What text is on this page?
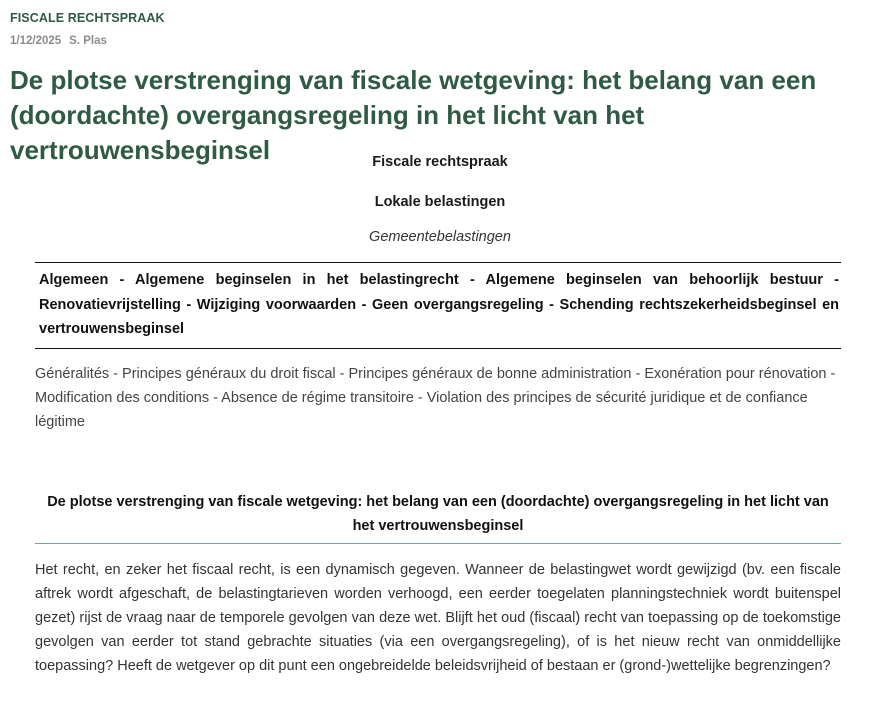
FISCALE RECHTSPRAAK
1/12/2025 S. Plas
De plotse verstrenging van fiscale wetgeving: het belang van een (doordachte) overgangsregeling in het licht van het vertrouwensbeginsel	Fiscale rechtspraak
Lokale belastingen
Gemeentebelastingen
Algemeen - Algemene beginselen in het belastingrecht - Algemene beginselen van behoorlijk bestuur - Renovatievrijstelling - Wijziging voorwaarden - Geen overgangsregeling - Schending rechtszekerheidsbeginsel en vertrouwensbeginsel
Généralités - Principes généraux du droit fiscal - Principes généraux de bonne administration - Exonération pour rénovation - Modification des conditions - Absence de régime transitoire - Violation des principes de sécurité juridique et de confiance légitime
De plotse verstrenging van fiscale wetgeving: het belang van een (doordachte) overgangsregeling in het licht van het vertrouwensbeginsel

Het recht, en zeker het fiscaal recht, is een dynamisch gegeven. Wanneer de belastingwet wordt gewijzigd (bv. een fiscale aftrek wordt afgeschaft, de belastingtarieven worden verhoogd, een eerder toegelaten planningstechniek wordt buitenspel gezet) rijst de vraag naar de temporele gevolgen van deze wet. Blijft het oud (fiscaal) recht van toepassing op de toekomstige gevolgen van eerder tot stand gebrachte situaties (via een overgangsregeling), of is het nieuw recht van onmiddellijke toepassing? Heeft de wetgever op dit punt een ongebreidelde beleidsvrijheid of bestaan er (grond-)wettelijke begrenzingen?
